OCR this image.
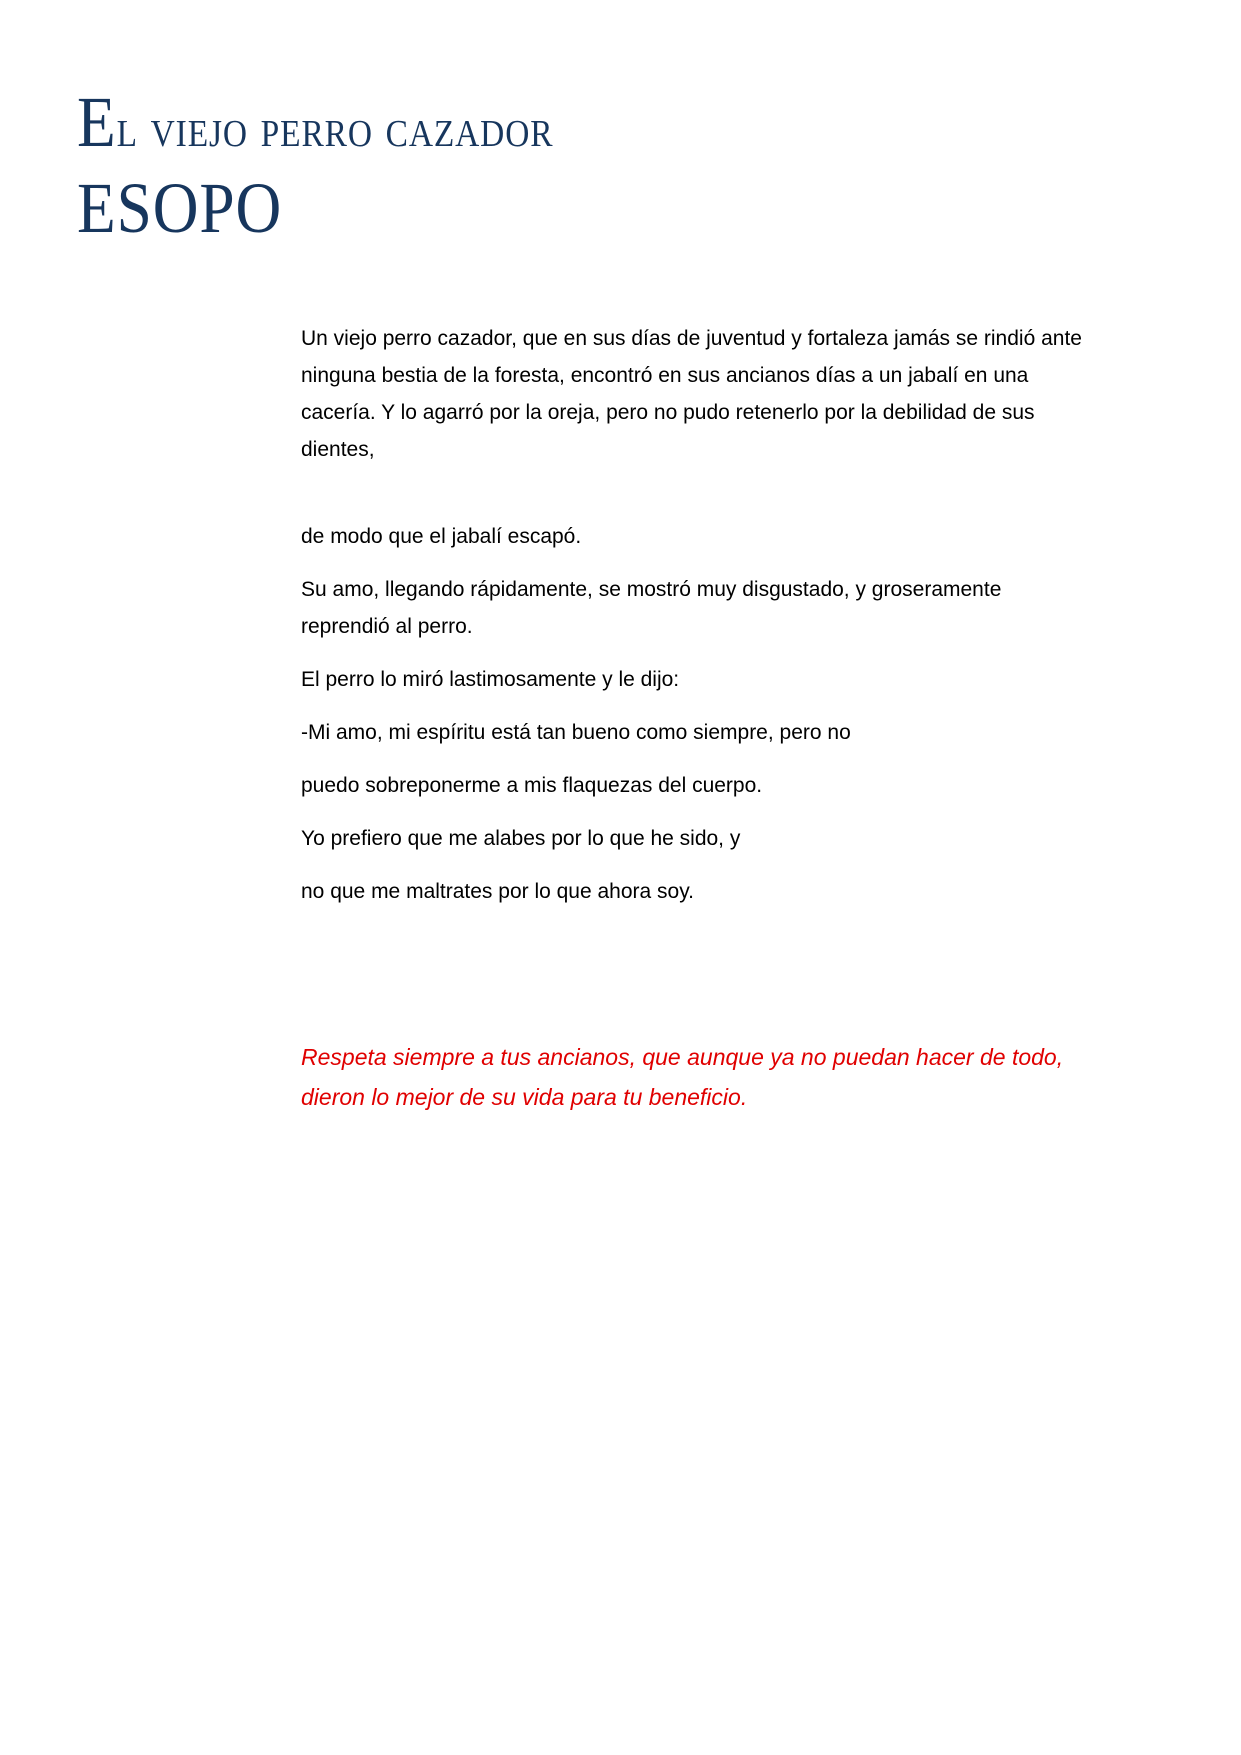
El viejo perro cazador
ESOPO

Un viejo perro cazador, que en sus días de juventud y fortaleza jamás se rindió ante
ninguna bestia de la foresta, encontró en sus ancianos días a un jabalí en una
cacería. Y lo agarró por la oreja, pero no pudo retenerlo por la debilidad de sus
dientes,

de modo que el jabalí escapó.

Su amo, llegando rápidamente, se mostró muy disgustado, y groseramente
reprendió al perro.

El perro lo miró lastimosamente y le dijo:

-Mi amo, mi espíritu está tan bueno como siempre, pero no

puedo sobreponerme a mis flaquezas del cuerpo.

Yo prefiero que me alabes por lo que he sido, y

no que me maltrates por lo que ahora soy.

Respeta siempre a tus ancianos, que aunque ya no puedan hacer de todo,
dieron lo mejor de su vida para tu beneficio.
